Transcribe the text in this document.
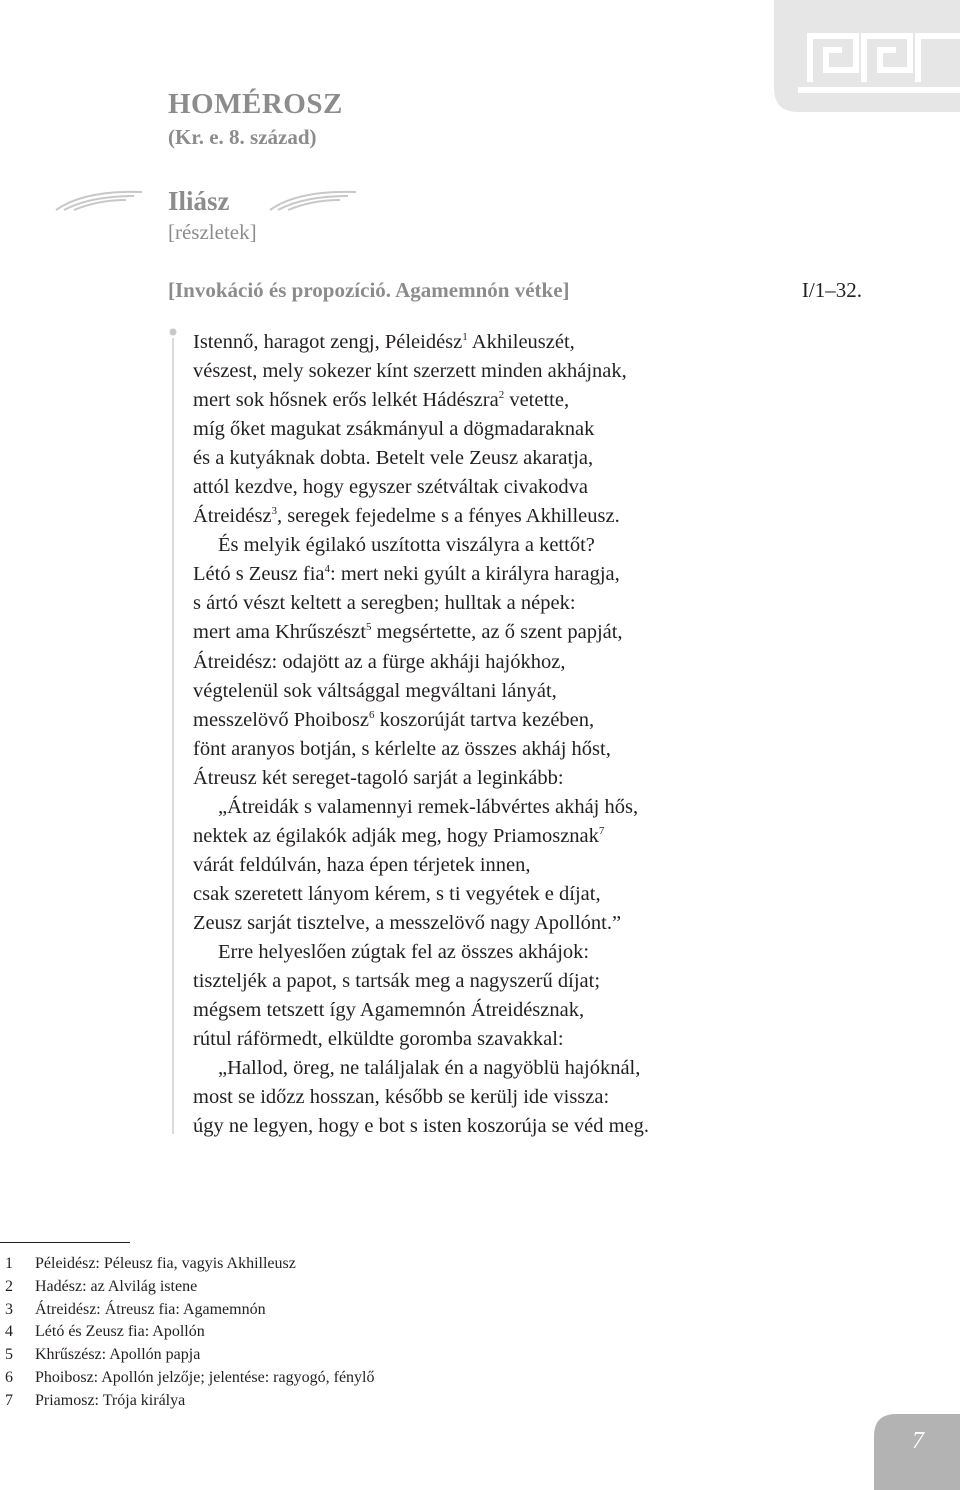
HOMÉROSZ
(Kr. e. 8. század)
Iliász
[részletek]
[Invokáció és propozíció. Agamemnón vétke]	I/1–32.
Istennő, haragot zengj, Péleidész$^1$ Akhileuszét,
vészest, mely sokezer kínt szerzett minden akhájnak,
mert sok hősnek erős lelkét Hádészra$^2$ vetette,
míg őket magukat zsákmányul a dögmadaraknak
és a kutyáknak dobta. Betelt vele Zeusz akaratja,
attól kezdve, hogy egyszer szétváltak civakodva
Átreidész$^3$, seregek fejedelme s a fényes Akhilleusz.
És melyik égilakó uszította viszályra a kettőt?
Létó s Zeusz fia$^4$: mert neki gyúlt a királyra haragja,
s ártó vészt keltett a seregben; hulltak a népek:
mert ama Khrűszészt$^5$ megsértette, az ő szent papját,
Átreidész: odajött az a fürge akháji hajókhoz,
végtelenül sok váltsággal megváltani lányát,
messzelövő Phoibosz$^6$ koszorúját tartva kezében,
fönt aranyos botján, s kérlelte az összes akháj hőst,
Átreusz két sereget-tagoló sarját a leginkább:
„Átreidák s valamennyi remek-lábvértes akháj hős,
nektek az égilakók adják meg, hogy Priamosznak$^7$
várát feldúlván, haza épen térjetek innen,
csak szeretett lányom kérem, s ti vegyétek e díjat,
Zeusz sarját tisztelve, a messzelövő nagy Apollónt.”
Erre helyeslően zúgtak fel az összes akhájok:
tiszteljék a papot, s tartsák meg a nagyszerű díjat;
mégsem tetszett így Agamemnón Átreidésznak,
rútul ráförmedt, elküldte goromba szavakkal:
„Hallod, öreg, ne találjalak én a nagyöblü hajóknál,
most se időzz hosszan, később se kerülj ide vissza:
úgy ne legyen, hogy e bot s isten koszorúja se véd meg.
1 Péleidész: Péleusz fia, vagyis Akhilleusz
2 Hadész: az Alvilág istene
3 Átreidész: Átreusz fia: Agamemnón
4 Létó és Zeusz fia: Apollón
5 Khrűszész: Apollón papja
6 Phoibosz: Apollón jelzője; jelentése: ragyogó, fénylő
7 Priamosz: Trója királya
7
